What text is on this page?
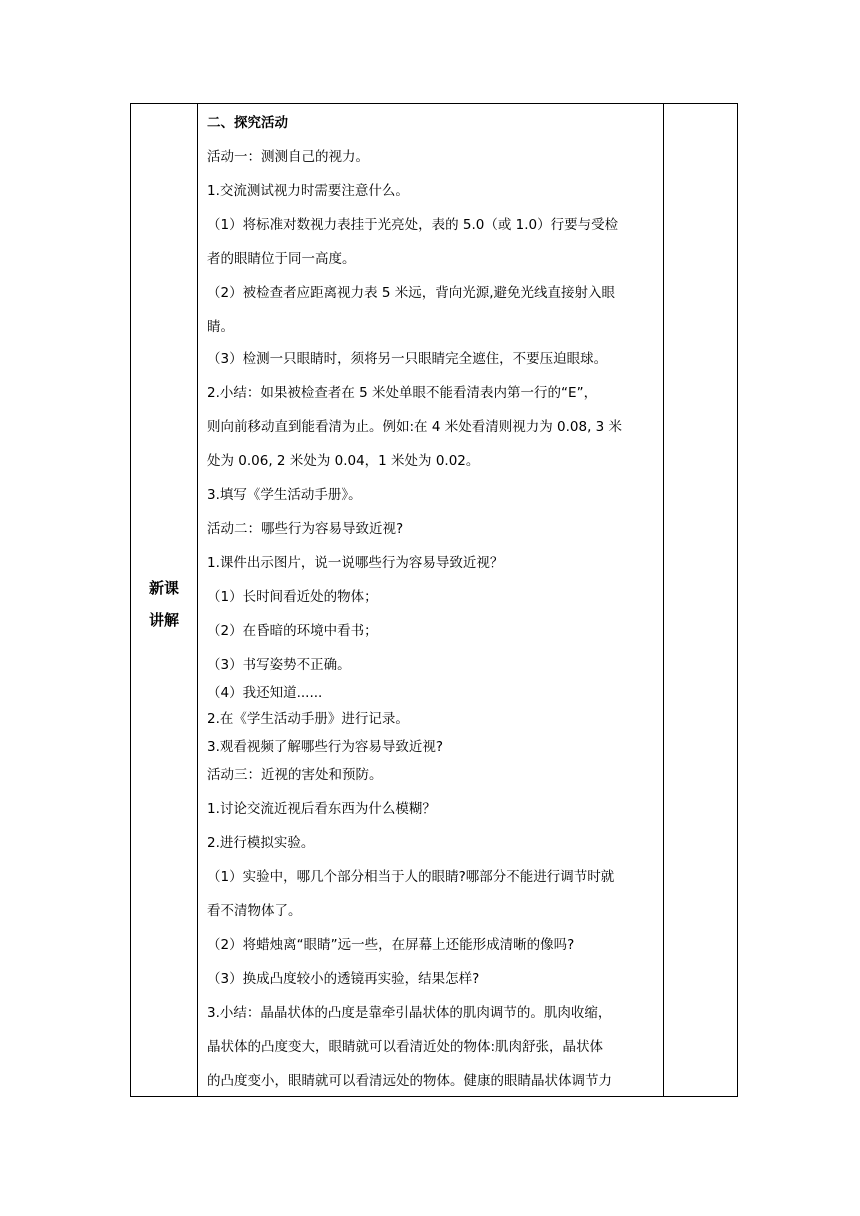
新课
讲解
二、探究活动
活动一：测测自己的视力。
1.交流测试视力时需要注意什么。
（1）将标准对数视力表挂于光亮处，表的 5.0（或 1.0）行要与受检
者的眼睛位于同一高度。
（2）被检查者应距离视力表 5 米远，背向光源,避免光线直接射入眼
睛。
（3）检测一只眼睛时，须将另一只眼睛完全遮住，不要压迫眼球。
2.小结：如果被检查者在 5 米处单眼不能看清表内第一行的“E”，
则向前移动直到能看清为止。例如:在 4 米处看清则视力为 0.08, 3 米
处为 0.06, 2 米处为 0.04，1 米处为 0.02。
3.填写《学生活动手册》。
活动二：哪些行为容易导致近视?
1.课件出示图片，说一说哪些行为容易导致近视？
（1）长时间看近处的物体；
（2）在昏暗的环境中看书；
（3）书写姿势不正确。
（4）我还知道......
2.在《学生活动手册》进行记录。
3.观看视频了解哪些行为容易导致近视?
活动三：近视的害处和预防。
1.讨论交流近视后看东西为什么模糊？
2.进行模拟实验。
（1）实验中，哪几个部分相当于人的眼睛?哪部分不能进行调节时就
看不清物体了。
（2）将蜡烛离“眼睛”远一些，在屏幕上还能形成清晰的像吗?
（3）换成凸度较小的透镜再实验，结果怎样?
3.小结：晶晶状体的凸度是靠牵引晶状体的肌肉调节的。肌肉收缩，
晶状体的凸度变大，眼睛就可以看清近处的物体:肌肉舒张，晶状体
的凸度变小，眼睛就可以看清远处的物体。健康的眼睛晶状体调节力
